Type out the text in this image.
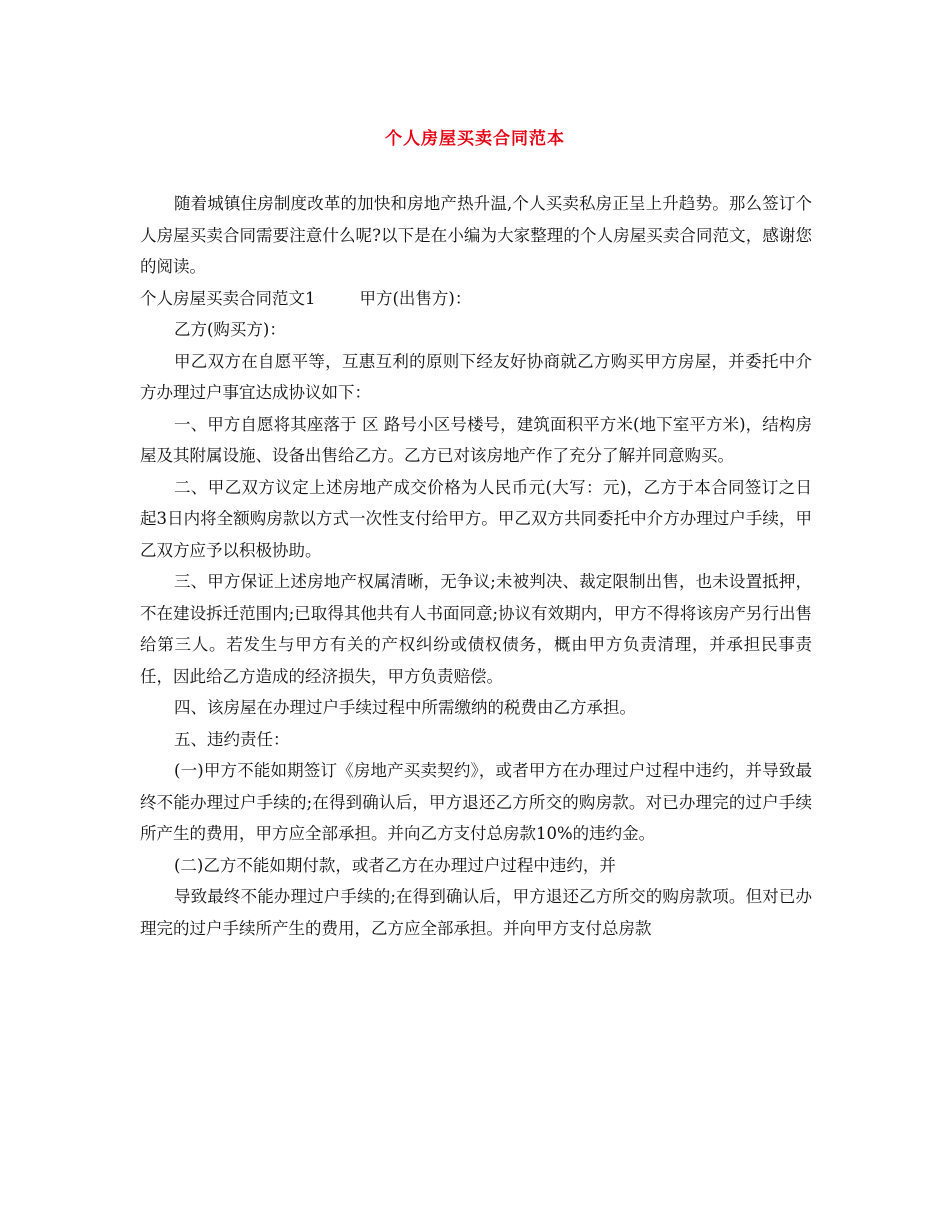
个人房屋买卖合同范本

随着城镇住房制度改革的加快和房地产热升温,个人买卖私房正呈上升趋势。那么签订个人房屋买卖合同需要注意什么呢?以下是在小编为大家整理的个人房屋买卖合同范文，感谢您的阅读。

个人房屋买卖合同范文1	甲方(出售方)：

乙方(购买方)：

甲乙双方在自愿平等，互惠互利的原则下经友好协商就乙方购买甲方房屋，并委托中介方办理过户事宜达成协议如下：

一、甲方自愿将其座落于 区 路号小区号楼号，建筑面积平方米(地下室平方米)，结构房屋及其附属设施、设备出售给乙方。乙方已对该房地产作了充分了解并同意购买。

二、甲乙双方议定上述房地产成交价格为人民币元(大写：元)，乙方于本合同签订之日起3日内将全额购房款以方式一次性支付给甲方。甲乙双方共同委托中介方办理过户手续，甲乙双方应予以积极协助。

三、甲方保证上述房地产权属清晰，无争议;未被判决、裁定限制出售，也未设置抵押，不在建设拆迁范围内;已取得其他共有人书面同意;协议有效期内，甲方不得将该房产另行出售给第三人。若发生与甲方有关的产权纠纷或债权债务，概由甲方负责清理，并承担民事责任，因此给乙方造成的经济损失，甲方负责赔偿。

四、该房屋在办理过户手续过程中所需缴纳的税费由乙方承担。

五、违约责任：

(一)甲方不能如期签订《房地产买卖契约》，或者甲方在办理过户过程中违约，并导致最终不能办理过户手续的;在得到确认后，甲方退还乙方所交的购房款。对已办理完的过户手续所产生的费用，甲方应全部承担。并向乙方支付总房款10%的违约金。

(二)乙方不能如期付款，或者乙方在办理过户过程中违约，并

导致最终不能办理过户手续的;在得到确认后，甲方退还乙方所交的购房款项。但对已办理完的过户手续所产生的费用，乙方应全部承担。并向甲方支付总房款
